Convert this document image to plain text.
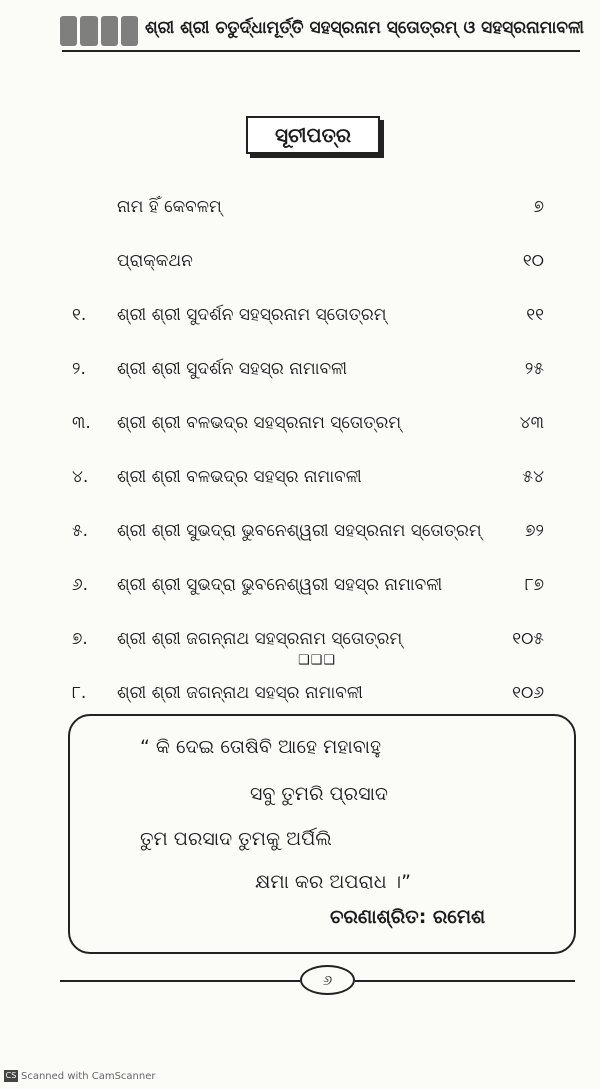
ଶ୍ରୀ ଶ୍ରୀ ଚତୁର୍ଦ୍ଧାମୂର୍ତ୍ତି ସହସ୍ରନାମ ସ୍ତୋତ୍ରମ୍ ଓ ସହସ୍ରନାମାବଳୀ
ସୂଚୀପତ୍ର
ନାମ ହିଁ କେବଳମ୍	୭
ପ୍ରାକ୍କଥନ	୧୦
୧.	ଶ୍ରୀ ଶ୍ରୀ ସୁଦର୍ଶନ ସହସ୍ରନାମ ସ୍ତୋତ୍ରମ୍	୧୧
୨.	ଶ୍ରୀ ଶ୍ରୀ ସୁଦର୍ଶନ ସହସ୍ର ନାମାବଳୀ	୨୫
୩.	ଶ୍ରୀ ଶ୍ରୀ ବଳଭଦ୍ର ସହସ୍ରନାମ ସ୍ତୋତ୍ରମ୍	୪୩
୪.	ଶ୍ରୀ ଶ୍ରୀ ବଳଭଦ୍ର ସହସ୍ର ନାମାବଳୀ	୫୪
୫.	ଶ୍ରୀ ଶ୍ରୀ ସୁଭଦ୍ରା ଭୁବନେଶ୍ୱରୀ ସହସ୍ରନାମ ସ୍ତୋତ୍ରମ୍	୭୨
୬.	ଶ୍ରୀ ଶ୍ରୀ ସୁଭଦ୍ରା ଭୁବନେଶ୍ୱରୀ ସହସ୍ର ନାମାବଳୀ	୮୭
୭.	ଶ୍ରୀ ଶ୍ରୀ ଜଗନ୍ନାଥ ସହସ୍ରନାମ ସ୍ତୋତ୍ରମ୍	୧୦୫
୮.	ଶ୍ରୀ ଶ୍ରୀ ଜଗନ୍ନାଥ ସହସ୍ର ନାମାବଳୀ	୧୦୬
❑❑❑
“ କି ଦେଇ ତୋଷିବି ଆହେ ମହାବାହୁ
ସବୁ ତୁମରି ପ୍ରସାଦ
ତୁମ ପରସାଦ ତୁମକୁ ଅର୍ପିଲି
କ୍ଷମା କର ଅପରାଧ ।”
ଚରଣାଶ୍ରିତ: ରମେଶ
୬
CS Scanned with CamScanner
